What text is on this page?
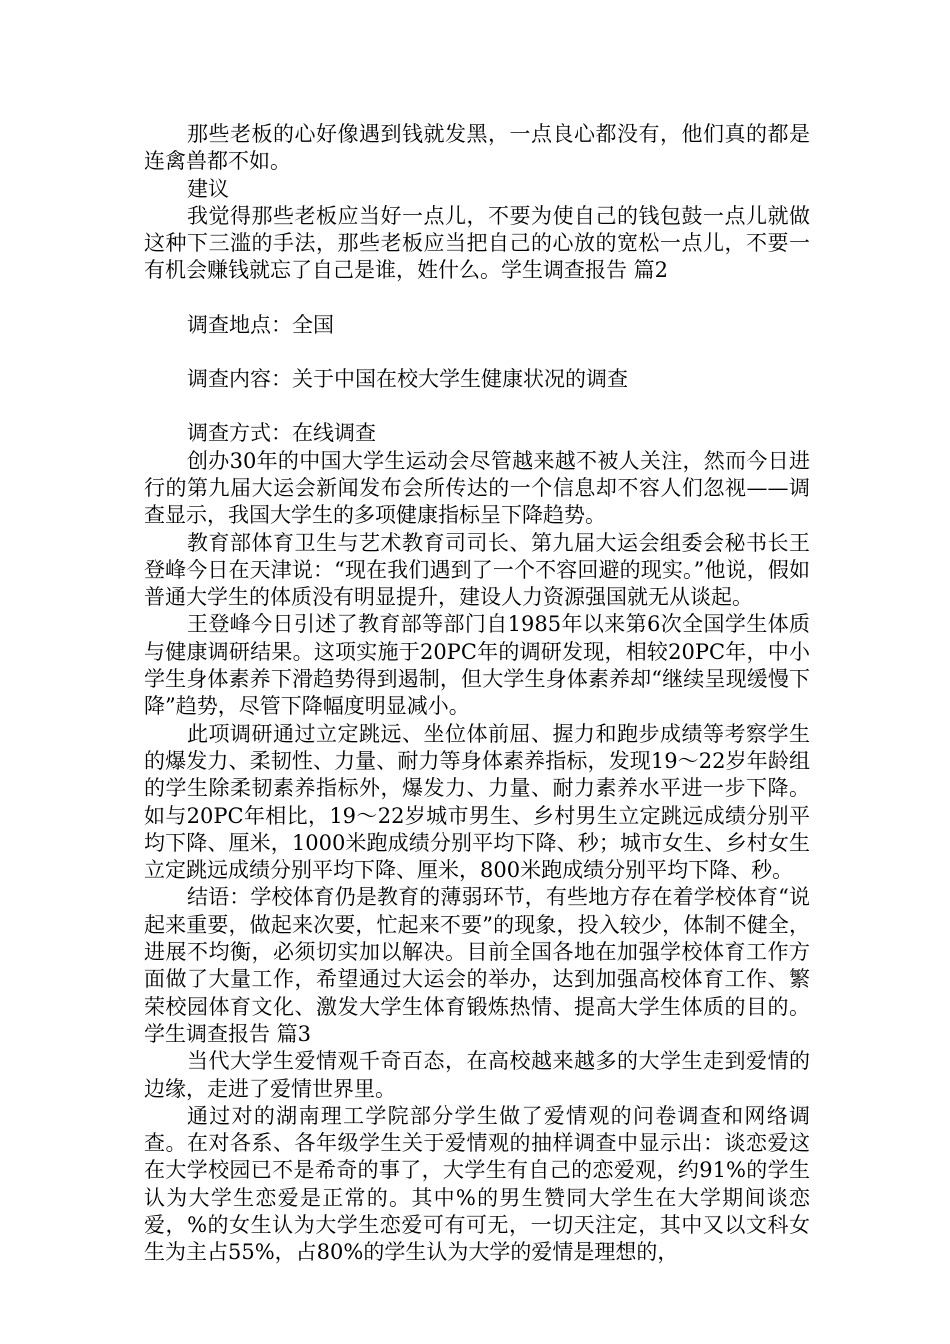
那些老板的心好像遇到钱就发黑，一点良心都没有，他们真的都是连禽兽都不如。

建议

我觉得那些老板应当好一点儿，不要为使自己的钱包鼓一点儿就做这种下三滥的手法，那些老板应当把自己的心放的宽松一点儿，不要一有机会赚钱就忘了自己是谁，姓什么。学生调查报告 篇2

调查地点：全国

调查内容：关于中国在校大学生健康状况的调查

调查方式：在线调查

创办30年的中国大学生运动会尽管越来越不被人关注，然而今日进行的第九届大运会新闻发布会所传达的一个信息却不容人们忽视——调查显示，我国大学生的多项健康指标呈下降趋势。

教育部体育卫生与艺术教育司司长、第九届大运会组委会秘书长王登峰今日在天津说：“现在我们遇到了一个不容回避的现实。”他说，假如普通大学生的体质没有明显提升，建设人力资源强国就无从谈起。

王登峰今日引述了教育部等部门自1985年以来第6次全国学生体质与健康调研结果。这项实施于20PC年的调研发现，相较20PC年，中小学生身体素养下滑趋势得到遏制，但大学生身体素养却“继续呈现缓慢下降”趋势，尽管下降幅度明显减小。

此项调研通过立定跳远、坐位体前屈、握力和跑步成绩等考察学生的爆发力、柔韧性、力量、耐力等身体素养指标，发现19～22岁年龄组的学生除柔韧素养指标外，爆发力、力量、耐力素养水平进一步下降。如与20PC年相比，19～22岁城市男生、乡村男生立定跳远成绩分别平均下降、厘米，1000米跑成绩分别平均下降、秒；城市女生、乡村女生立定跳远成绩分别平均下降、厘米，800米跑成绩分别平均下降、秒。

结语：学校体育仍是教育的薄弱环节，有些地方存在着学校体育“说起来重要，做起来次要，忙起来不要”的现象，投入较少，体制不健全，进展不均衡，必须切实加以解决。目前全国各地在加强学校体育工作方面做了大量工作，希望通过大运会的举办，达到加强高校体育工作、繁荣校园体育文化、激发大学生体育锻炼热情、提高大学生体质的目的。学生调查报告 篇3

当代大学生爱情观千奇百态，在高校越来越多的大学生走到爱情的边缘，走进了爱情世界里。

通过对的湖南理工学院部分学生做了爱情观的问卷调查和网络调查。在对各系、各年级学生关于爱情观的抽样调查中显示出：谈恋爱这在大学校园已不是希奇的事了，大学生有自己的恋爱观，约91%的学生认为大学生恋爱是正常的。其中%的男生赞同大学生在大学期间谈恋爱，%的女生认为大学生恋爱可有可无，一切天注定，其中又以文科女生为主占55%，占80%的学生认为大学的爱情是理想的，
